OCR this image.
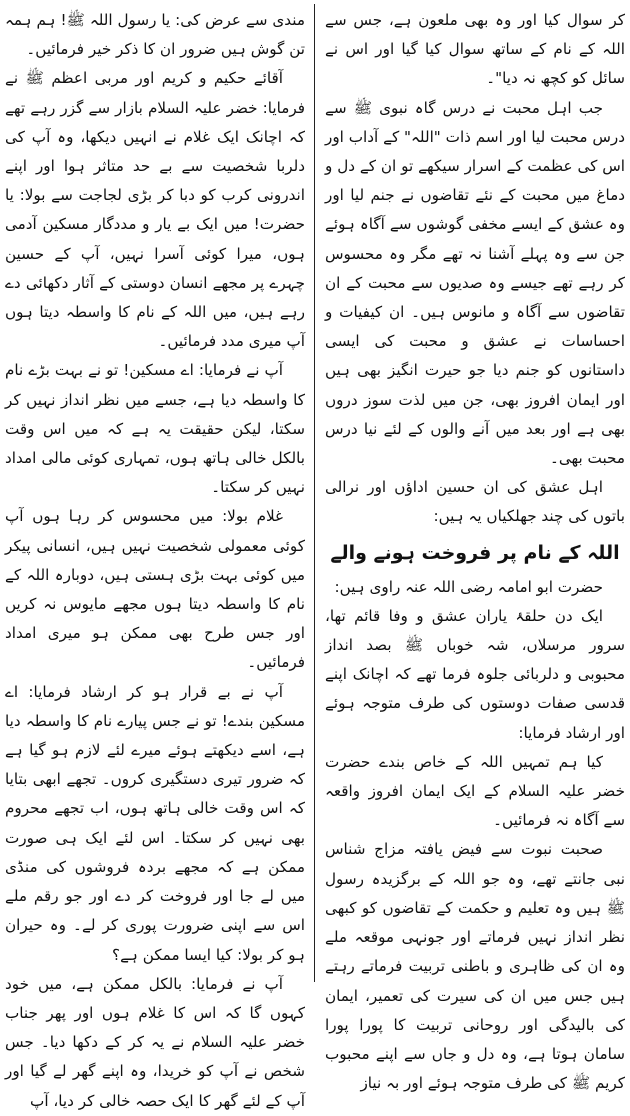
کر سوال کیا اور وہ بھی ملعون ہے، جس سے اللہ کے نام کے ساتھ سوال کیا گیا اور اس نے سائل کو کچھ نہ دیا"۔

جب اہل محبت نے درس گاہ نبوی ﷺ سے درس محبت لیا اور اسم ذات "اللہ" کے آداب اور اس کی عظمت کے اسرار سیکھے تو ان کے دل و دماغ میں محبت کے نئے تقاضوں نے جنم لیا اور وہ عشق کے ایسے مخفی گوشوں سے آگاہ ہوئے جن سے وہ پہلے آشنا نہ تھے مگر وہ محسوس کر رہے تھے جیسے وہ صدیوں سے محبت کے ان تقاضوں سے آگاہ و مانوس ہیں۔ ان کیفیات و احساسات نے عشق و محبت کی ایسی داستانوں کو جنم دیا جو حیرت انگیز بھی ہیں اور ایمان افروز بھی، جن میں لذت سوز دروں بھی ہے اور بعد میں آنے والوں کے لئے نیا درس محبت بھی۔

اہل عشق کی ان حسین اداؤں اور نرالی باتوں کی چند جھلکیاں یہ ہیں:

اللہ کے نام پر فروخت ہونے والے

حضرت ابو امامہ رضی اللہ عنہ راوی ہیں:

ایک دن حلقۂ یاران عشق و وفا قائم تھا، سرور مرسلاں، شہ خوباں ﷺ بصد انداز محبوبی و دلربائی جلوہ فرما تھے کہ اچانک اپنے قدسی صفات دوستوں کی طرف متوجہ ہوئے اور ارشاد فرمایا:

کیا ہم تمہیں اللہ کے خاص بندے حضرت خضر علیہ السلام کے ایک ایمان افروز واقعہ سے آگاہ نہ فرمائیں۔

صحبت نبوت سے فیض یافتہ مزاج شناس نبی جانتے تھے، وہ جو اللہ کے برگزیدہ رسول ﷺ ہیں وہ تعلیم و حکمت کے تقاضوں کو کبھی نظر انداز نہیں فرماتے اور جونہی موقعہ ملے وہ ان کی ظاہری و باطنی تربیت فرماتے رہتے ہیں جس میں ان کی سیرت کی تعمیر، ایمان کی بالیدگی اور روحانی تربیت کا پورا پورا سامان ہوتا ہے، وہ دل و جاں سے اپنے محبوب کریم ﷺ کی طرف متوجہ ہوئے اور بہ نیاز

مندی سے عرض کی: یا رسول اللہ ﷺ! ہم ہمہ تن گوش ہیں ضرور ان کا ذکر خیر فرمائیں۔

آقائے حکیم و کریم اور مربی اعظم ﷺ نے فرمایا: خضر علیہ السلام بازار سے گزر رہے تھے کہ اچانک ایک غلام نے انہیں دیکھا، وہ آپ کی دلربا شخصیت سے بے حد متاثر ہوا اور اپنے اندرونی کرب کو دبا کر بڑی لجاجت سے بولا: یا حضرت! میں ایک بے یار و مددگار مسکین آدمی ہوں، میرا کوئی آسرا نہیں، آپ کے حسین چہرے پر مجھے انسان دوستی کے آثار دکھائی دے رہے ہیں، میں اللہ کے نام کا واسطہ دیتا ہوں آپ میری مدد فرمائیں۔

آپ نے فرمایا: اے مسکین! تو نے بہت بڑے نام کا واسطہ دیا ہے، جسے میں نظر انداز نہیں کر سکتا، لیکن حقیقت یہ ہے کہ میں اس وقت بالکل خالی ہاتھ ہوں، تمہاری کوئی مالی امداد نہیں کر سکتا۔

غلام بولا: میں محسوس کر رہا ہوں آپ کوئی معمولی شخصیت نہیں ہیں، انسانی پیکر میں کوئی بہت بڑی ہستی ہیں، دوبارہ اللہ کے نام کا واسطہ دیتا ہوں مجھے مایوس نہ کریں اور جس طرح بھی ممکن ہو میری امداد فرمائیں۔

آپ نے بے قرار ہو کر ارشاد فرمایا: اے مسکین بندے! تو نے جس پیارے نام کا واسطہ دیا ہے، اسے دیکھتے ہوئے میرے لئے لازم ہو گیا ہے کہ ضرور تیری دستگیری کروں۔ تجھے ابھی بتایا کہ اس وقت خالی ہاتھ ہوں، اب تجھے محروم بھی نہیں کر سکتا۔ اس لئے ایک ہی صورت ممکن ہے کہ مجھے بردہ فروشوں کی منڈی میں لے جا اور فروخت کر دے اور جو رقم ملے اس سے اپنی ضرورت پوری کر لے۔ وہ حیران ہو کر بولا: کیا ایسا ممکن ہے؟

آپ نے فرمایا: بالکل ممکن ہے، میں خود کہوں گا کہ اس کا غلام ہوں اور پھر جناب خضر علیہ السلام نے یہ کر کے دکھا دیا۔ جس شخص نے آپ کو خریدا، وہ اپنے گھر لے گیا اور آپ کے لئے گھر کا ایک حصہ خالی کر دیا، آپ
